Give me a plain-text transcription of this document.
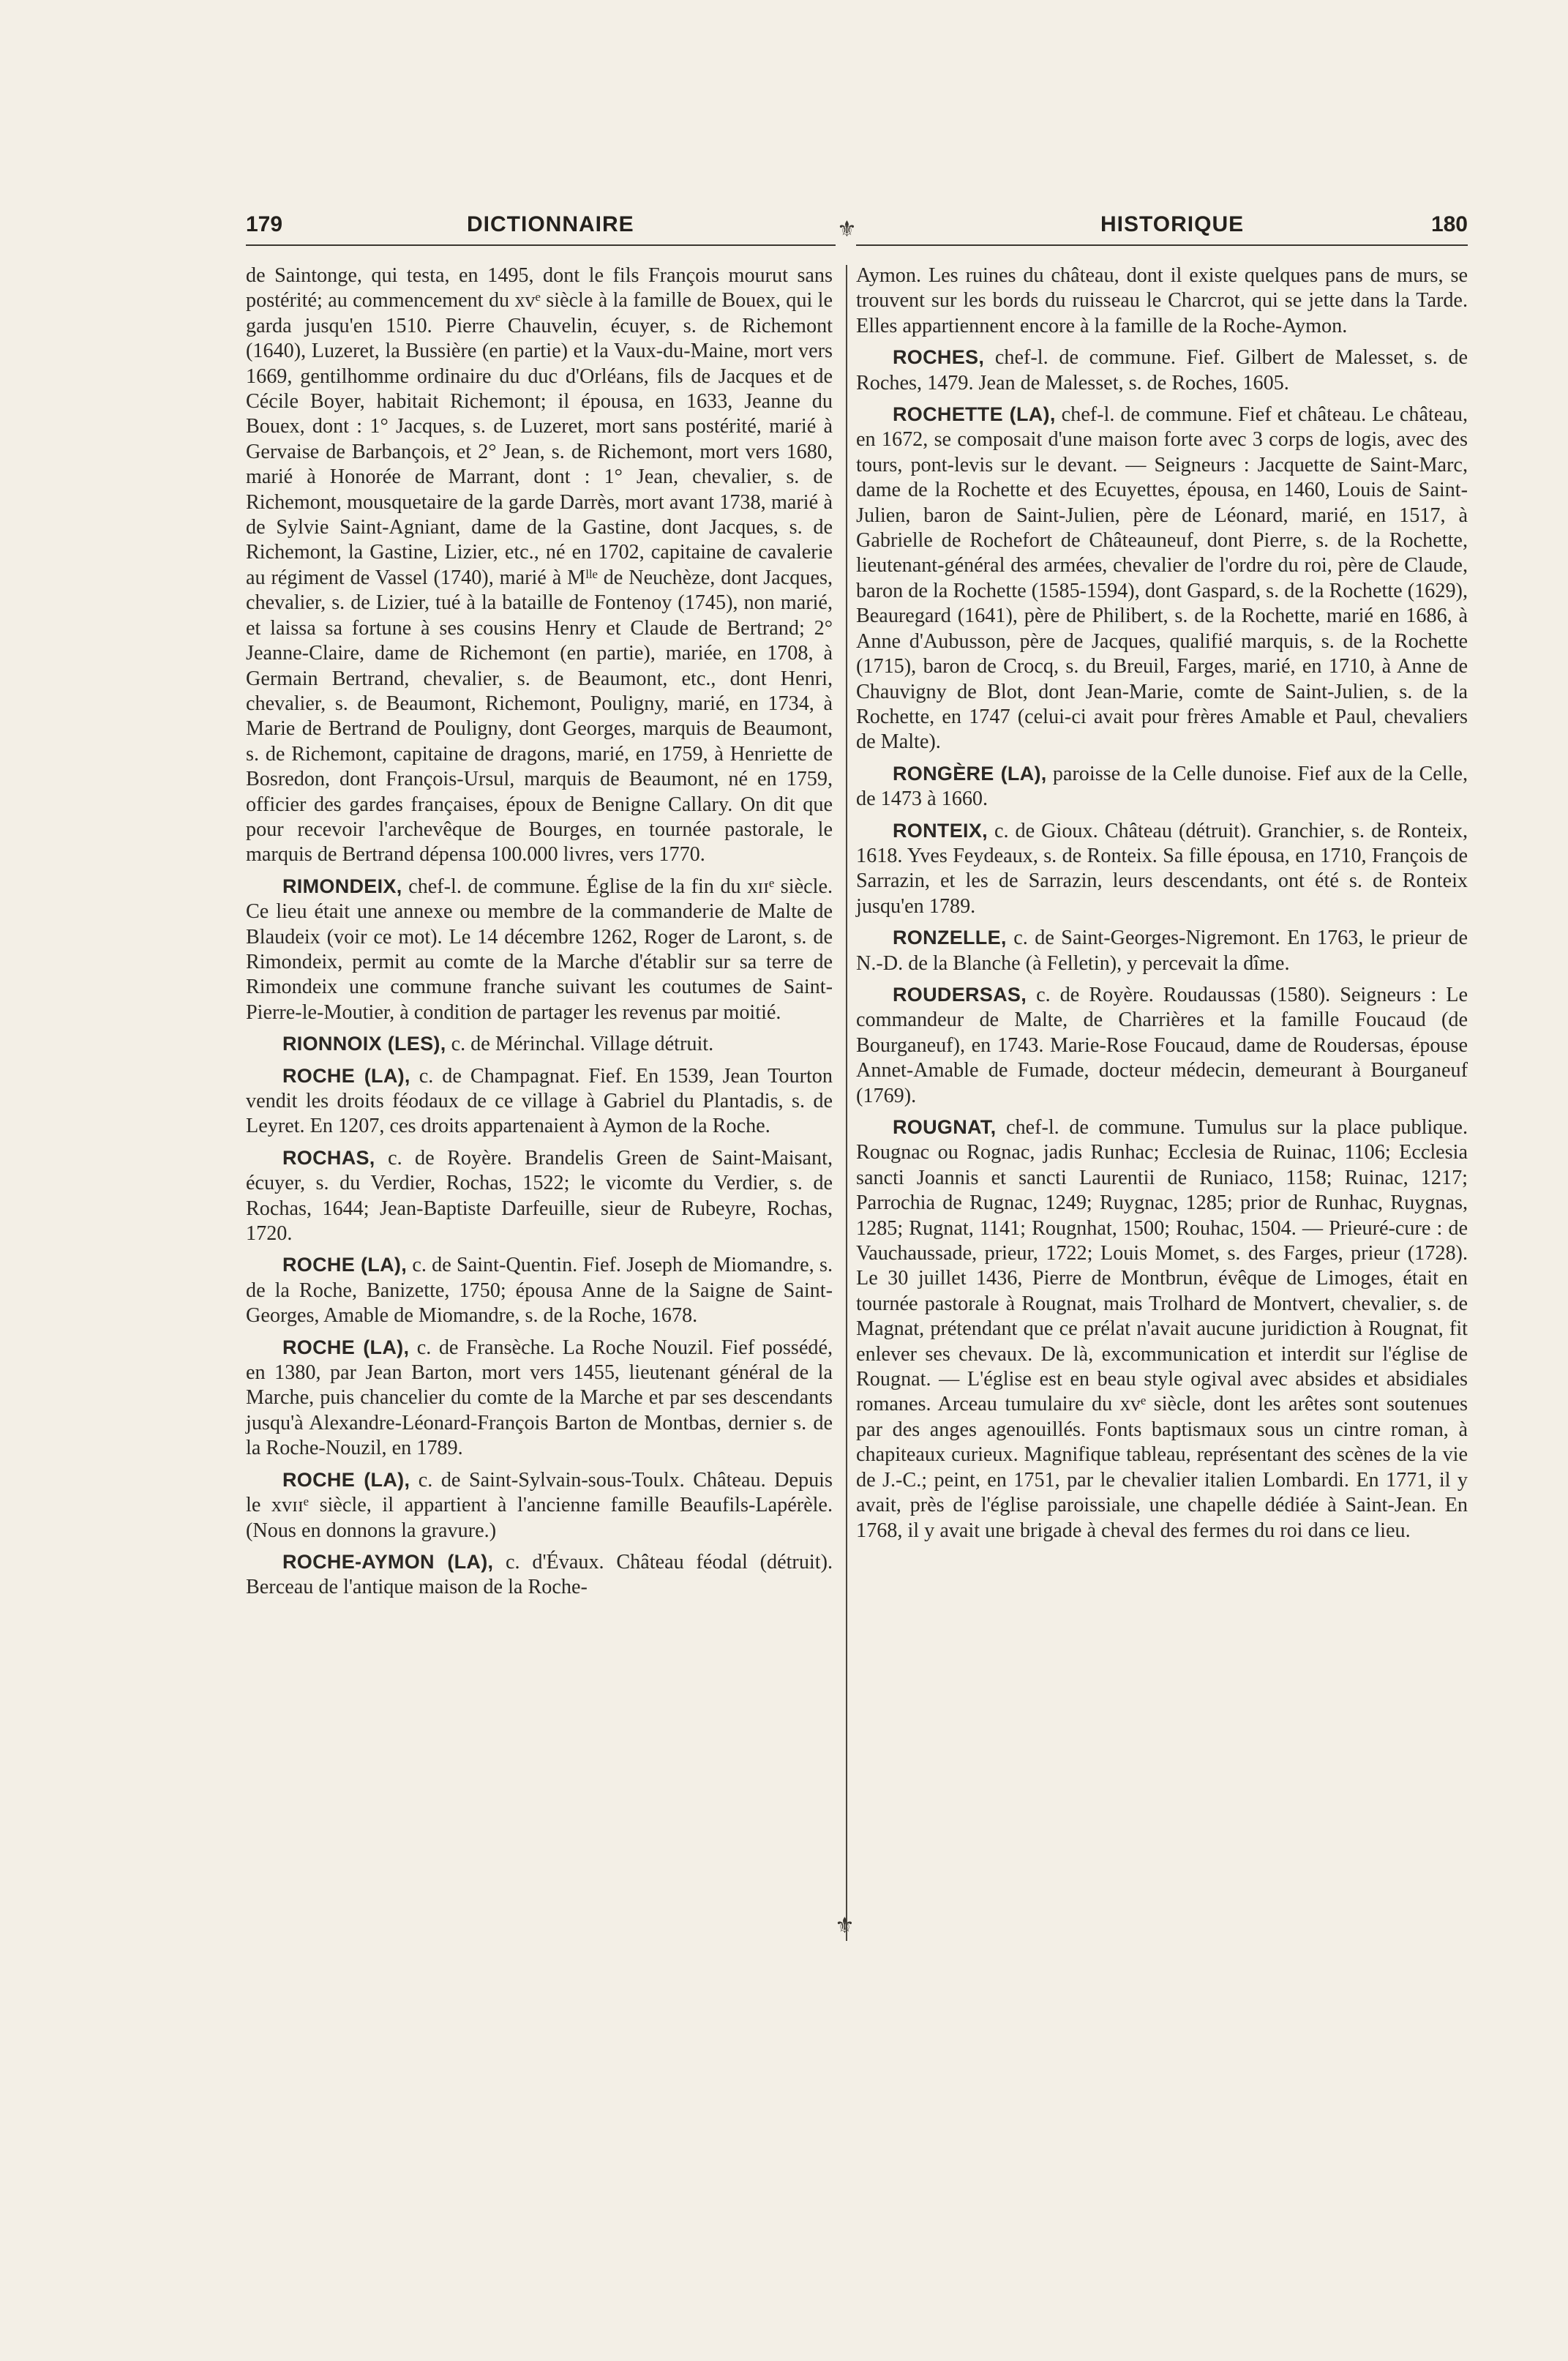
179	DICTIONNAIRE	HISTORIQUE	180
⚜
⚜

de Saintonge, qui testa, en 1495, dont le fils François mourut sans postérité; au commencement du xvᵉ siècle à la famille de Bouex, qui le garda jusqu'en 1510. Pierre Chauvelin, écuyer, s. de Richemont (1640), Luzeret, la Bussière (en partie) et la Vaux-du-Maine, mort vers 1669, gentilhomme ordinaire du duc d'Orléans, fils de Jacques et de Cécile Boyer, habitait Richemont; il épousa, en 1633, Jeanne du Bouex, dont : 1° Jacques, s. de Luzeret, mort sans postérité, marié à Gervaise de Barbançois, et 2° Jean, s. de Richemont, mort vers 1680, marié à Honorée de Marrant, dont : 1° Jean, chevalier, s. de Richemont, mousquetaire de la garde Darrès, mort avant 1738, marié à de Sylvie Saint-Agniant, dame de la Gastine, dont Jacques, s. de Richemont, la Gastine, Lizier, etc., né en 1702, capitaine de cavalerie au régiment de Vassel (1740), marié à Mˡˡᵉ de Neuchèze, dont Jacques, chevalier, s. de Lizier, tué à la bataille de Fontenoy (1745), non marié, et laissa sa fortune à ses cousins Henry et Claude de Bertrand; 2° Jeanne-Claire, dame de Richemont (en partie), mariée, en 1708, à Germain Bertrand, chevalier, s. de Beaumont, etc., dont Henri, chevalier, s. de Beaumont, Richemont, Pouligny, marié, en 1734, à Marie de Bertrand de Pouligny, dont Georges, marquis de Beaumont, s. de Richemont, capitaine de dragons, marié, en 1759, à Henriette de Bosredon, dont François-Ursul, marquis de Beaumont, né en 1759, officier des gardes françaises, époux de Benigne Callary. On dit que pour recevoir l'archevêque de Bourges, en tournée pastorale, le marquis de Bertrand dépensa 100.000 livres, vers 1770.

RIMONDEIX, chef-l. de commune. Église de la fin du xɪɪᵉ siècle. Ce lieu était une annexe ou membre de la commanderie de Malte de Blaudeix (voir ce mot). Le 14 décembre 1262, Roger de Laront, s. de Rimondeix, permit au comte de la Marche d'établir sur sa terre de Rimondeix une commune franche suivant les coutumes de Saint-Pierre-le-Moutier, à condition de partager les revenus par moitié.

RIONNOIX (LES), c. de Mérinchal. Village détruit.

ROCHE (LA), c. de Champagnat. Fief. En 1539, Jean Tourton vendit les droits féodaux de ce village à Gabriel du Plantadis, s. de Leyret. En 1207, ces droits appartenaient à Aymon de la Roche.

ROCHAS, c. de Royère. Brandelis Green de Saint-Maisant, écuyer, s. du Verdier, Rochas, 1522; le vicomte du Verdier, s. de Rochas, 1644; Jean-Baptiste Darfeuille, sieur de Rubeyre, Rochas, 1720.

ROCHE (LA), c. de Saint-Quentin. Fief. Joseph de Miomandre, s. de la Roche, Banizette, 1750; épousa Anne de la Saigne de Saint-Georges, Amable de Miomandre, s. de la Roche, 1678.

ROCHE (LA), c. de Fransèche. La Roche Nouzil. Fief possédé, en 1380, par Jean Barton, mort vers 1455, lieutenant général de la Marche, puis chancelier du comte de la Marche et par ses descendants jusqu'à Alexandre-Léonard-François Barton de Montbas, dernier s. de la Roche-Nouzil, en 1789.

ROCHE (LA), c. de Saint-Sylvain-sous-Toulx. Château. Depuis le xvɪɪᵉ siècle, il appartient à l'ancienne famille Beaufils-Lapérèle. (Nous en donnons la gravure.)

ROCHE-AYMON (LA), c. d'Évaux. Château féodal (détruit). Berceau de l'antique maison de la Roche-

Aymon. Les ruines du château, dont il existe quelques pans de murs, se trouvent sur les bords du ruisseau le Charcrot, qui se jette dans la Tarde. Elles appartiennent encore à la famille de la Roche-Aymon.

ROCHES, chef-l. de commune. Fief. Gilbert de Malesset, s. de Roches, 1479. Jean de Malesset, s. de Roches, 1605.

ROCHETTE (LA), chef-l. de commune. Fief et château. Le château, en 1672, se composait d'une maison forte avec 3 corps de logis, avec des tours, pont-levis sur le devant. — Seigneurs : Jacquette de Saint-Marc, dame de la Rochette et des Ecuyettes, épousa, en 1460, Louis de Saint-Julien, baron de Saint-Julien, père de Léonard, marié, en 1517, à Gabrielle de Rochefort de Châteauneuf, dont Pierre, s. de la Rochette, lieutenant-général des armées, chevalier de l'ordre du roi, père de Claude, baron de la Rochette (1585-1594), dont Gaspard, s. de la Rochette (1629), Beauregard (1641), père de Philibert, s. de la Rochette, marié en 1686, à Anne d'Aubusson, père de Jacques, qualifié marquis, s. de la Rochette (1715), baron de Crocq, s. du Breuil, Farges, marié, en 1710, à Anne de Chauvigny de Blot, dont Jean-Marie, comte de Saint-Julien, s. de la Rochette, en 1747 (celui-ci avait pour frères Amable et Paul, chevaliers de Malte).

RONGÈRE (LA), paroisse de la Celle dunoise. Fief aux de la Celle, de 1473 à 1660.

RONTEIX, c. de Gioux. Château (détruit). Granchier, s. de Ronteix, 1618. Yves Feydeaux, s. de Ronteix. Sa fille épousa, en 1710, François de Sarrazin, et les de Sarrazin, leurs descendants, ont été s. de Ronteix jusqu'en 1789.

RONZELLE, c. de Saint-Georges-Nigremont. En 1763, le prieur de N.-D. de la Blanche (à Felletin), y percevait la dîme.

ROUDERSAS, c. de Royère. Roudaussas (1580). Seigneurs : Le commandeur de Malte, de Charrières et la famille Foucaud (de Bourganeuf), en 1743. Marie-Rose Foucaud, dame de Roudersas, épouse Annet-Amable de Fumade, docteur médecin, demeurant à Bourganeuf (1769).

ROUGNAT, chef-l. de commune. Tumulus sur la place publique. Rougnac ou Rognac, jadis Runhac; Ecclesia de Ruinac, 1106; Ecclesia sancti Joannis et sancti Laurentii de Runiaco, 1158; Ruinac, 1217; Parrochia de Rugnac, 1249; Ruygnac, 1285; prior de Runhac, Ruygnas, 1285; Rugnat, 1141; Rougnhat, 1500; Rouhac, 1504. — Prieuré-cure : de Vauchaussade, prieur, 1722; Louis Momet, s. des Farges, prieur (1728). Le 30 juillet 1436, Pierre de Montbrun, évêque de Limoges, était en tournée pastorale à Rougnat, mais Trolhard de Montvert, chevalier, s. de Magnat, prétendant que ce prélat n'avait aucune juridiction à Rougnat, fit enlever ses chevaux. De là, excommunication et interdit sur l'église de Rougnat. — L'église est en beau style ogival avec absides et absidiales romanes. Arceau tumulaire du xvᵉ siècle, dont les arêtes sont soutenues par des anges agenouillés. Fonts baptismaux sous un cintre roman, à chapiteaux curieux. Magnifique tableau, représentant des scènes de la vie de J.-C.; peint, en 1751, par le chevalier italien Lombardi. En 1771, il y avait, près de l'église paroissiale, une chapelle dédiée à Saint-Jean. En 1768, il y avait une brigade à cheval des fermes du roi dans ce lieu.
